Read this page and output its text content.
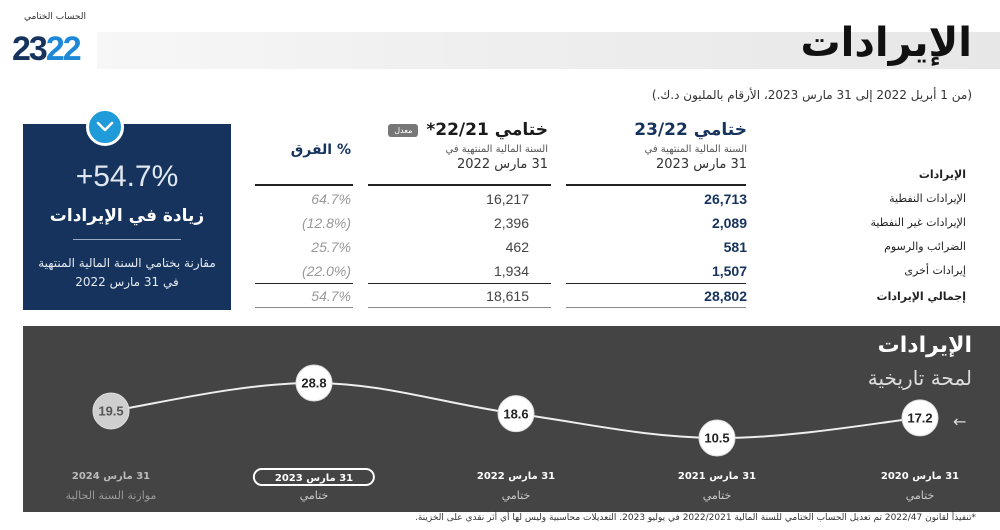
الحساب الختامي
2322	الإيرادات
(من 1 أبريل 2022 إلى 31 مارس 2023، الأرقام بالمليون د.ك.)
+54.7%
زيادة في الإيرادات
مقارنة بختامي السنة المالية المنتهية في 31 مارس 2022
ختامي 23/22
السنة المالية المنتهية في
31 مارس 2023
ختامي 22/21*معدل
السنة المالية المنتهية في
31 مارس 2022
% الفرق
الإيرادات
الإيرادات النفطية
26,713
16,217
64.7%
الإيرادات غير النفطية
2,089
2,396
(12.8%)
الضرائب والرسوم
581
462
25.7%
إيرادات أخرى
1,507
1,934
(22.0%)
إجمالي الإيرادات
28,802
18,615
54.7%
17.2
31 مارس 2020
ختامي
10.5
31 مارس 2021
ختامي
18.6
31 مارس 2022
ختامي
28.8
31 مارس 2023
ختامي
19.5
31 مارس 2024
موازنة السنة الحالية
الإيرادات
لمحة تاريخية
←
*تنفيذاً لقانون 2022/47 تم تعديل الحساب الختامي للسنة المالية 2022/2021 في يوليو 2023. التعديلات محاسبية وليس لها أي أثر نقدي على الخزينة.
